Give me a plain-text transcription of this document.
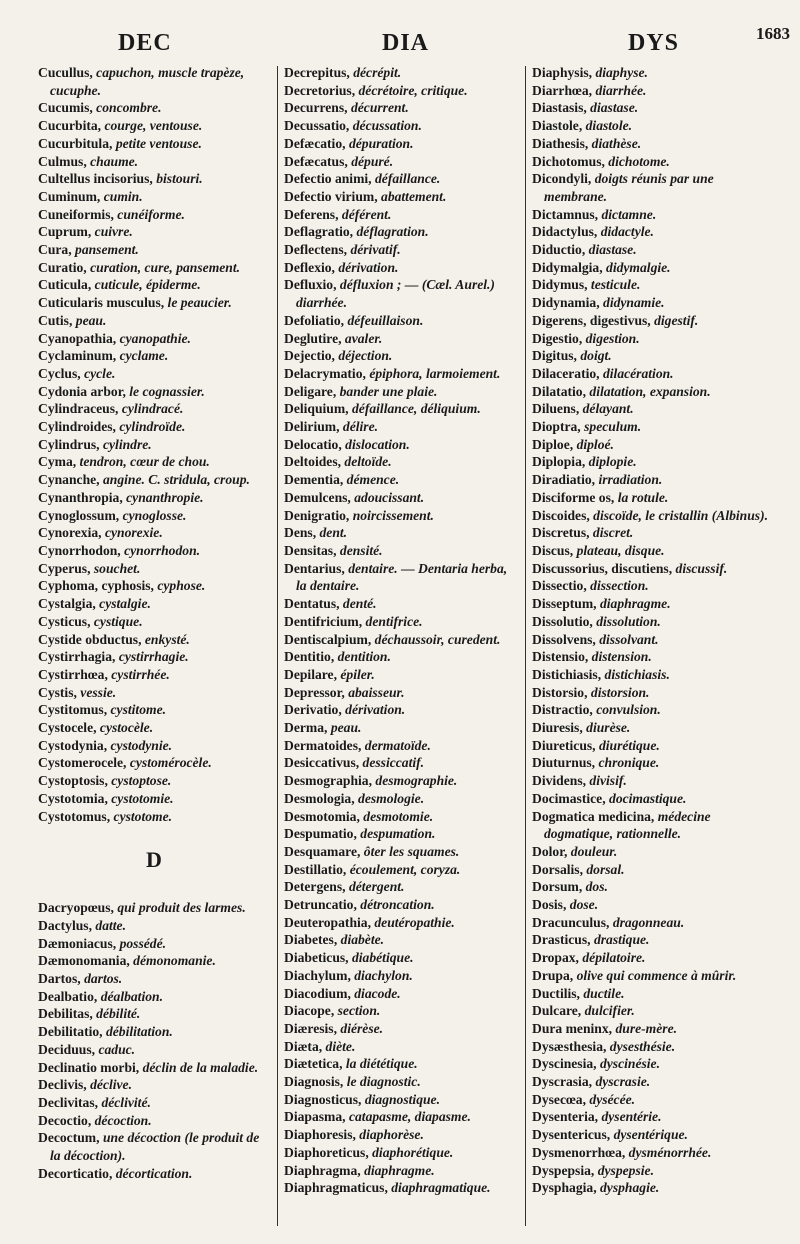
DEC	DIA	DYS	1683
Cucullus, capuchon, muscle trapèze, cucuphe.
Cucumis, concombre.
Cucurbita, courge, ventouse.
Cucurbitula, petite ventouse.
Culmus, chaume.
Cultellus incisorius, bistouri.
Cuminum, cumin.
Cuneiformis, cunéiforme.
Cuprum, cuivre.
Cura, pansement.
Curatio, curation, cure, pansement.
Cuticula, cuticule, épiderme.
Cuticularis musculus, le peaucier.
Cutis, peau.
Cyanopathia, cyanopathie.
Cyclaminum, cyclame.
Cyclus, cycle.
Cydonia arbor, le cognassier.
Cylindraceus, cylindracé.
Cylindroides, cylindroïde.
Cylindrus, cylindre.
Cyma, tendron, cœur de chou.
Cynanche, angine. C. stridula, croup.
Cynanthropia, cynanthropie.
Cynoglossum, cynoglosse.
Cynorexia, cynorexie.
Cynorrhodon, cynorrhodon.
Cyperus, souchet.
Cyphoma, cyphosis, cyphose.
Cystalgia, cystalgie.
Cysticus, cystique.
Cystide obductus, enkysté.
Cystirrhagia, cystirrhagie.
Cystirrhœa, cystirrhée.
Cystis, vessie.
Cystitomus, cystitome.
Cystocele, cystocèle.
Cystodynia, cystodynie.
Cystomerocele, cystomérocèle.
Cystoptosis, cystoptose.
Cystotomia, cystotomie.
Cystotomus, cystotome.
D
Dacryopœus, qui produit des larmes.
Dactylus, datte.
Dæmoniacus, possédé.
Dæmonomania, démonomanie.
Dartos, dartos.
Dealbatio, déalbation.
Debilitas, débilité.
Debilitatio, débilitation.
Deciduus, caduc.
Declinatio morbi, déclin de la maladie.
Declivis, déclive.
Declivitas, déclivité.
Decoctio, décoction.
Decoctum, une décoction (le produit de la décoction).
Decorticatio, décortication.
Decrepitus, décrépit.
Decretorius, décrétoire, critique.
Decurrens, décurrent.
Decussatio, décussation.
Defæcatio, dépuration.
Defæcatus, dépuré.
Defectio animi, défaillance.
Defectio virium, abattement.
Deferens, déférent.
Deflagratio, déflagration.
Deflectens, dérivatif.
Deflexio, dérivation.
Defluxio, défluxion ; — (Cæl. Aurel.) diarrhée.
Defoliatio, défeuillaison.
Deglutire, avaler.
Dejectio, déjection.
Delacrymatio, épiphora, larmoiement.
Deligare, bander une plaie.
Deliquium, défaillance, déliquium.
Delirium, délire.
Delocatio, dislocation.
Deltoides, deltoïde.
Dementia, démence.
Demulcens, adoucissant.
Denigratio, noircissement.
Dens, dent.
Densitas, densité.
Dentarius, dentaire. — Dentaria herba, la dentaire.
Dentatus, denté.
Dentifricium, dentifrice.
Dentiscalpium, déchaussoir, curedent.
Dentitio, dentition.
Depilare, épiler.
Depressor, abaisseur.
Derivatio, dérivation.
Derma, peau.
Dermatoides, dermatoïde.
Desiccativus, dessiccatif.
Desmographia, desmographie.
Desmologia, desmologie.
Desmotomia, desmotomie.
Despumatio, despumation.
Desquamare, ôter les squames.
Destillatio, écoulement, coryza.
Detergens, détergent.
Detruncatio, détroncation.
Deuteropathia, deutéropathie.
Diabetes, diabète.
Diabeticus, diabétique.
Diachylum, diachylon.
Diacodium, diacode.
Diacope, section.
Diæresis, diérèse.
Diæta, diète.
Diætetica, la diététique.
Diagnosis, le diagnostic.
Diagnosticus, diagnostique.
Diapasma, catapasme, diapasme.
Diaphoresis, diaphorèse.
Diaphoreticus, diaphorétique.
Diaphragma, diaphragme.
Diaphragmaticus, diaphragmatique.
Diaphysis, diaphyse.
Diarrhœa, diarrhée.
Diastasis, diastase.
Diastole, diastole.
Diathesis, diathèse.
Dichotomus, dichotome.
Dicondyli, doigts réunis par une membrane.
Dictamnus, dictamne.
Didactylus, didactyle.
Diductio, diastase.
Didymalgia, didymalgie.
Didymus, testicule.
Didynamia, didynamie.
Digerens, digestivus, digestif.
Digestio, digestion.
Digitus, doigt.
Dilaceratio, dilacération.
Dilatatio, dilatation, expansion.
Diluens, délayant.
Dioptra, speculum.
Diploe, diploé.
Diplopia, diplopie.
Diradiatio, irradiation.
Disciforme os, la rotule.
Discoides, discoïde, le cristallin (Albinus).
Discretus, discret.
Discus, plateau, disque.
Discussorius, discutiens, discussif.
Dissectio, dissection.
Disseptum, diaphragme.
Dissolutio, dissolution.
Dissolvens, dissolvant.
Distensio, distension.
Distichiasis, distichiasis.
Distorsio, distorsion.
Distractio, convulsion.
Diuresis, diurèse.
Diureticus, diurétique.
Diuturnus, chronique.
Dividens, divisif.
Docimastice, docimastique.
Dogmatica medicina, médecine dogmatique, rationnelle.
Dolor, douleur.
Dorsalis, dorsal.
Dorsum, dos.
Dosis, dose.
Dracunculus, dragonneau.
Drasticus, drastique.
Dropax, dépilatoire.
Drupa, olive qui commence à mûrir.
Ductilis, ductile.
Dulcare, dulcifier.
Dura meninx, dure-mère.
Dysæsthesia, dysesthésie.
Dyscinesia, dyscinésie.
Dyscrasia, dyscrasie.
Dysecœa, dysécée.
Dysenteria, dysentérie.
Dysentericus, dysentérique.
Dysmenorrhœa, dysménorrhée.
Dyspepsia, dyspepsie.
Dysphagia, dysphagie.
